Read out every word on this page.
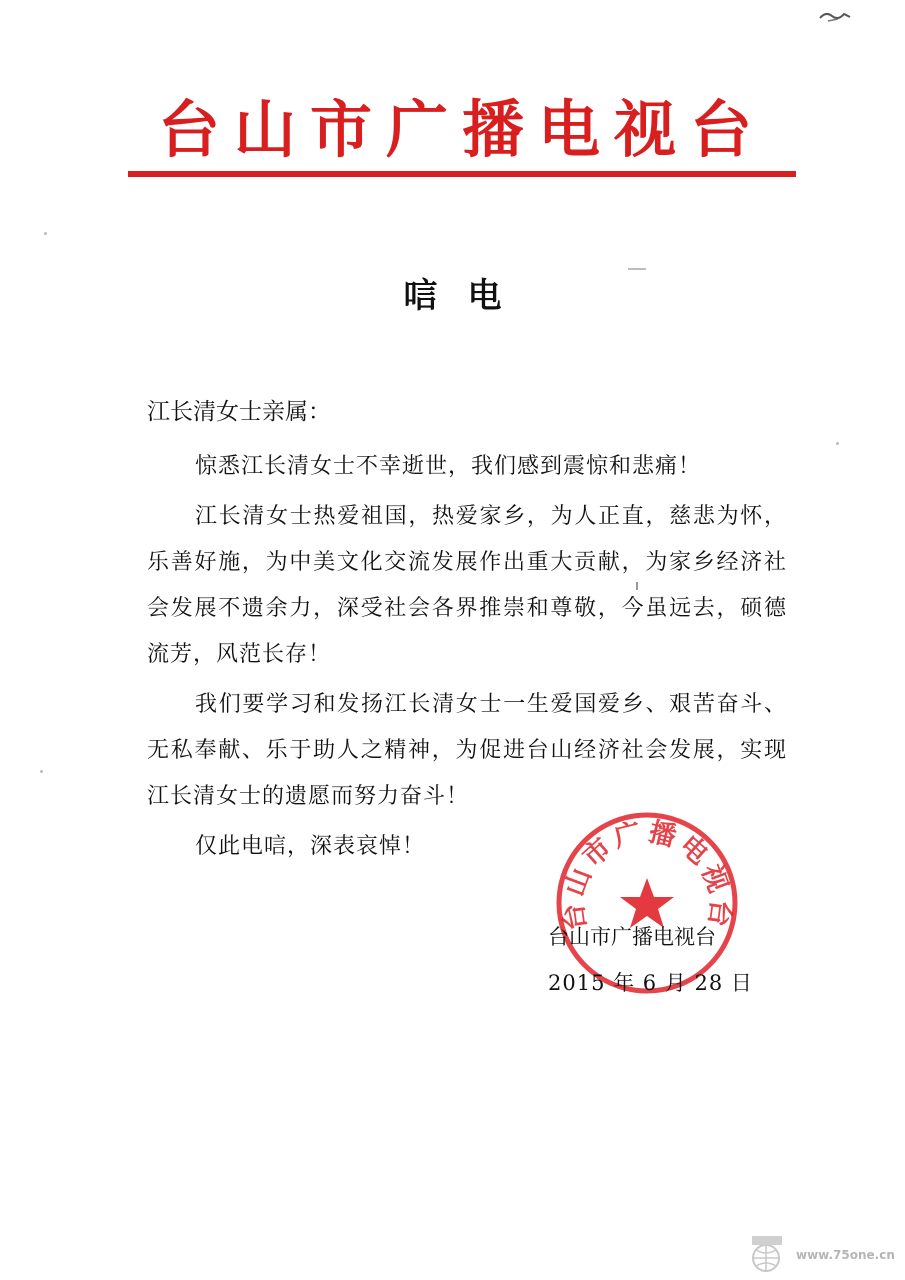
台山市广播电视台
唁电
江长清女士亲属：

惊悉江长清女士不幸逝世，我们感到震惊和悲痛！

江长清女士热爱祖国，热爱家乡，为人正直，慈悲为怀，乐善好施，为中美文化交流发展作出重大贡献，为家乡经济社会发展不遗余力，深受社会各界推崇和尊敬，今虽远去，硕德流芳，风范长存！

我们要学习和发扬江长清女士一生爱国爱乡、艰苦奋斗、无私奉献、乐于助人之精神，为促进台山经济社会发展，实现江长清女士的遗愿而努力奋斗！

仅此电唁，深表哀悼！

台山市广播电视台
台山市广播电视台
2015 年 6 月 28 日
www.75one.cn
